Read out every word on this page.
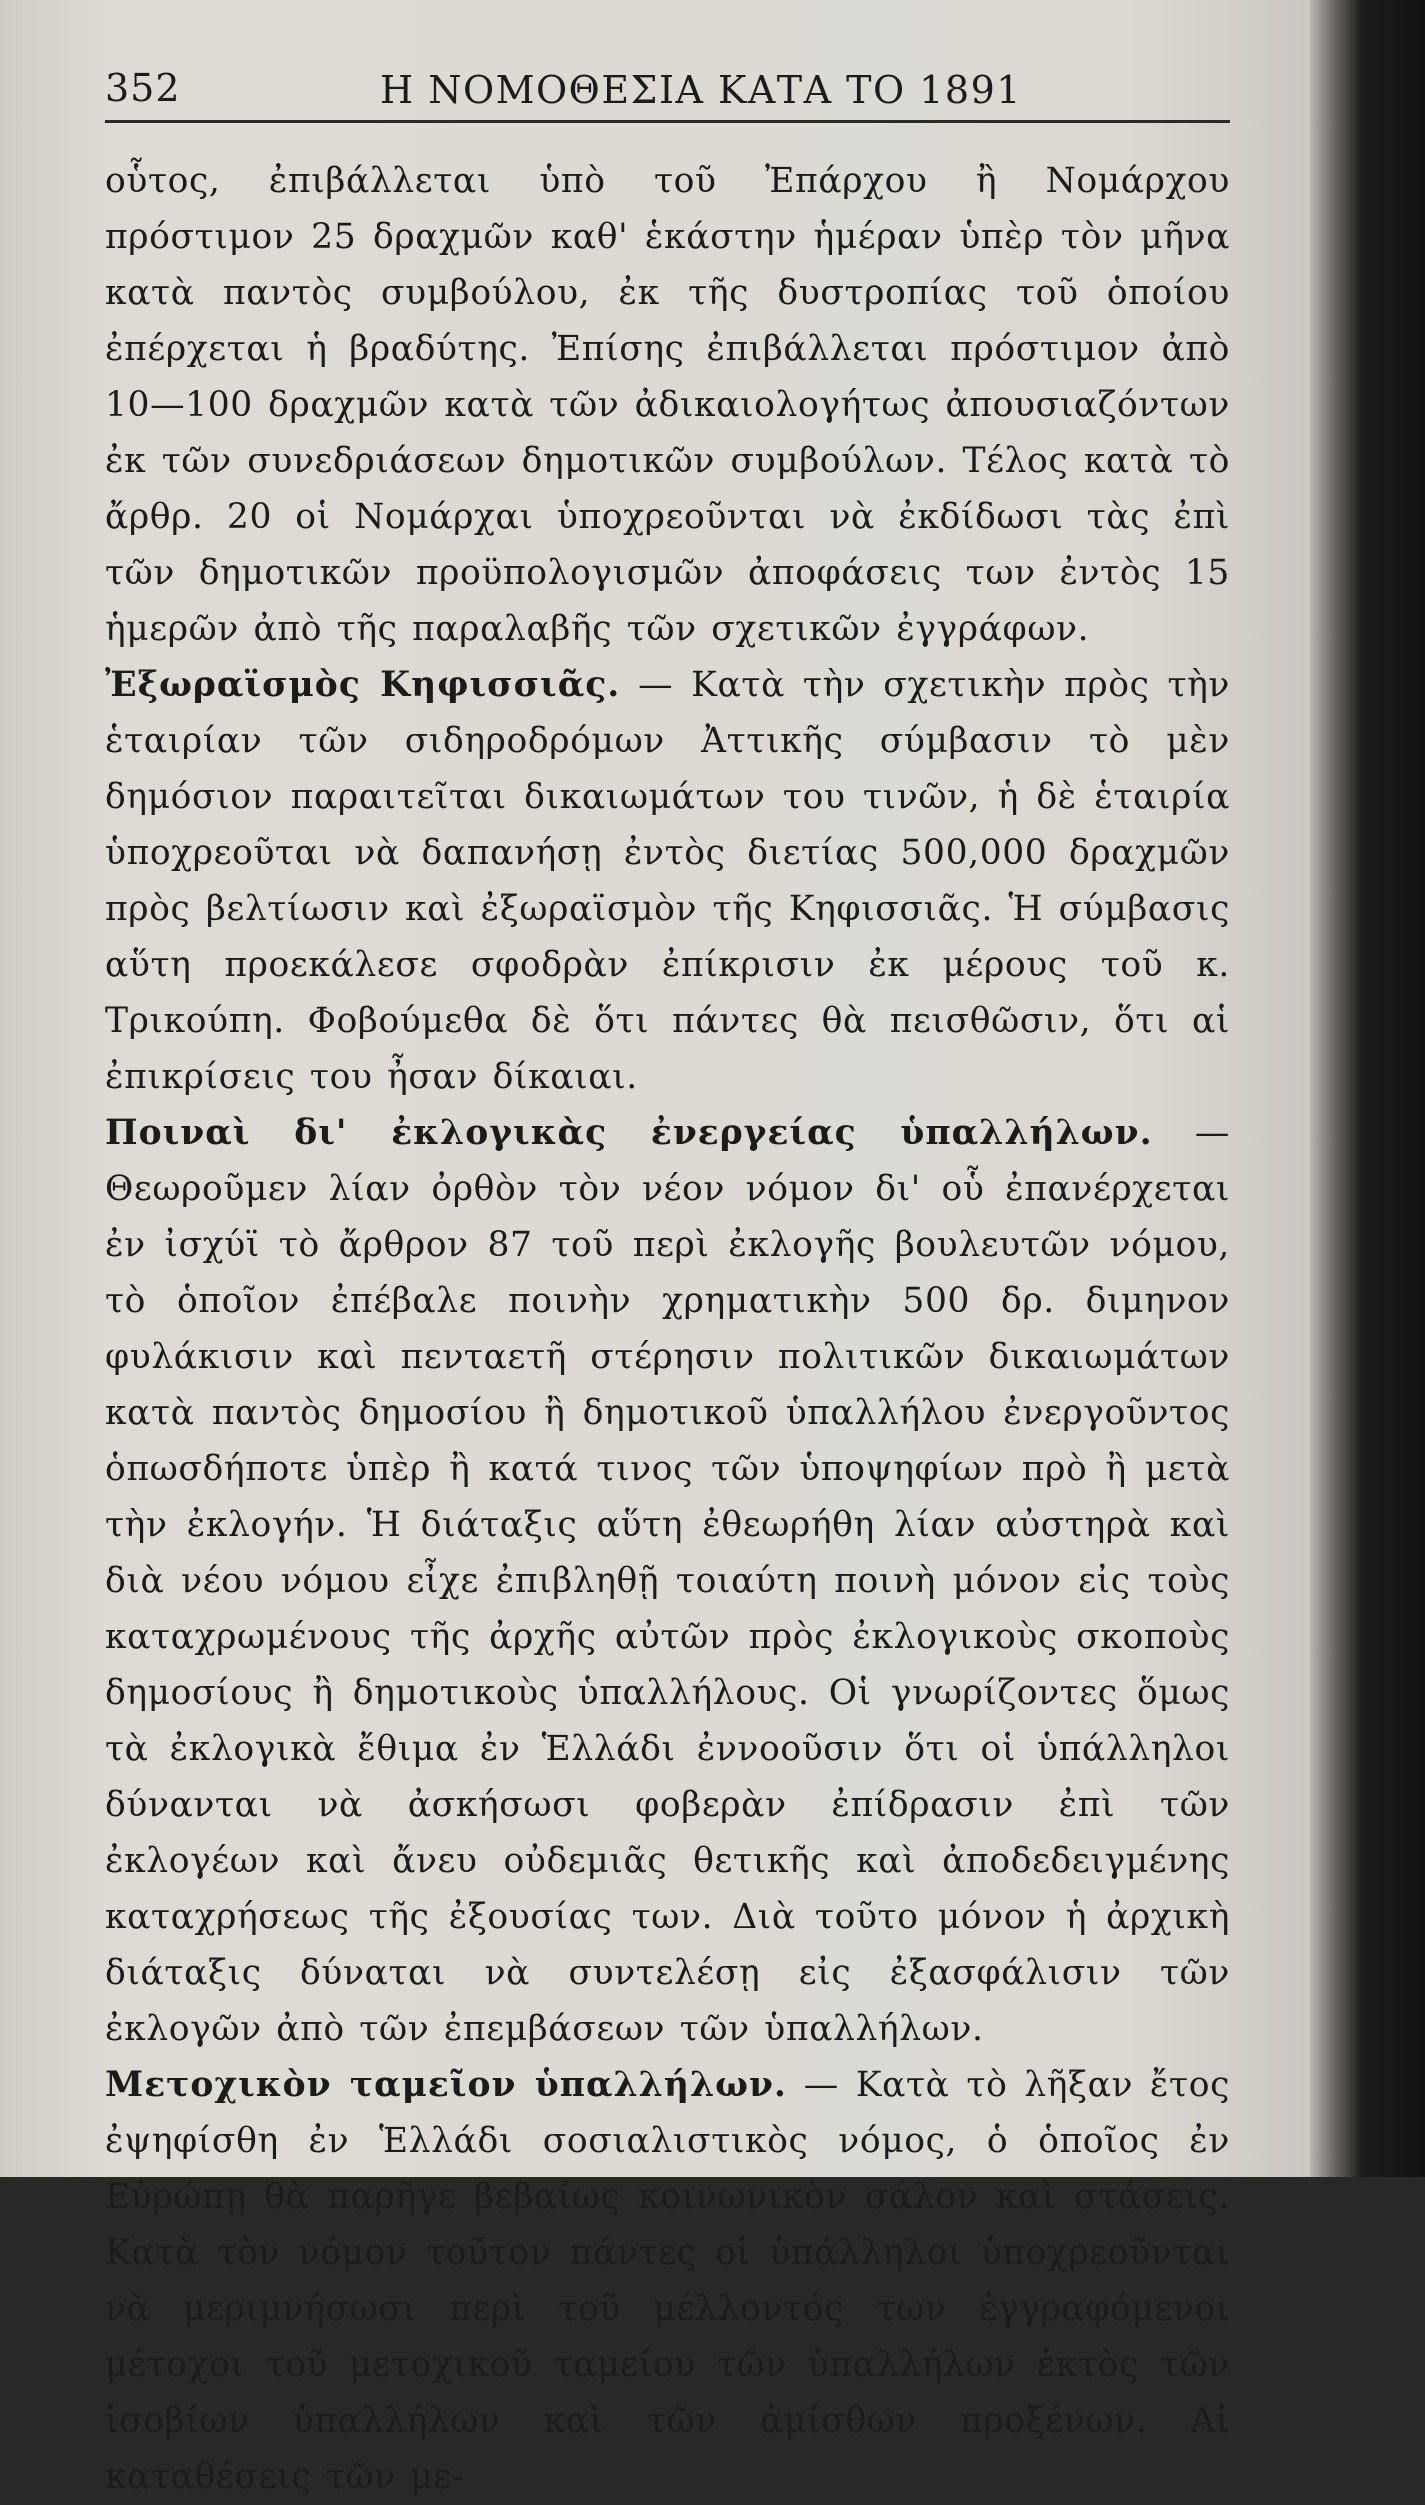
352	Η ΝΟΜΟΘΕΣΙΑ ΚΑΤΑ ΤΟ 1891

οὗτος, ἐπιβάλλεται ὑπὸ τοῦ Ἐπάρχου ἢ Νομάρχου πρόστιμον 25 δραχμῶν καθ' ἑκάστην ἡμέραν ὑπὲρ τὸν μῆνα κατὰ παντὸς συμβούλου, ἐκ τῆς δυστροπίας τοῦ ὁποίου ἐπέρχεται ἡ βραδύτης. Ἐπίσης ἐπιβάλλεται πρόστιμον ἀπὸ 10—100 δραχμῶν κατὰ τῶν ἀδικαιολογήτως ἀπουσιαζόντων ἐκ τῶν συνεδριάσεων δημοτικῶν συμβούλων. Τέλος κατὰ τὸ ἄρθρ. 20 οἱ Νομάρχαι ὑποχρεοῦνται νὰ ἐκδίδωσι τὰς ἐπὶ τῶν δημοτικῶν προϋπολογισμῶν ἀποφάσεις των ἐντὸς 15 ἡμερῶν ἀπὸ τῆς παραλαβῆς τῶν σχετικῶν ἐγγράφων.

Ἐξωραϊσμὸς Κηφισσιᾶς. — Κατὰ τὴν σχετικὴν πρὸς τὴν ἑταιρίαν τῶν σιδηροδρόμων Ἀττικῆς σύμβασιν τὸ μὲν δημόσιον παραιτεῖται δικαιωμάτων του τινῶν, ἡ δὲ ἑταιρία ὑποχρεοῦται νὰ δαπανήσῃ ἐντὸς διετίας 500,000 δραχμῶν πρὸς βελτίωσιν καὶ ἐξωραϊσμὸν τῆς Κηφισσιᾶς. Ἡ σύμβασις αὕτη προεκάλεσε σφοδρὰν ἐπίκρισιν ἐκ μέρους τοῦ κ. Τρικούπη. Φοβούμεθα δὲ ὅτι πάντες θὰ πεισθῶσιν, ὅτι αἱ ἐπικρίσεις του ἦσαν δίκαιαι.

Ποιναὶ δι' ἐκλογικὰς ἐνεργείας ὑπαλλήλων. — Θεωροῦμεν λίαν ὀρθὸν τὸν νέον νόμον δι' οὗ ἐπανέρχεται ἐν ἰσχύϊ τὸ ἄρθρον 87 τοῦ περὶ ἐκλογῆς βουλευτῶν νόμου, τὸ ὁποῖον ἐπέβαλε ποινὴν χρηματικὴν 500 δρ. διμηνον φυλάκισιν καὶ πενταετῆ στέρησιν πολιτικῶν δικαιωμάτων κατὰ παντὸς δημοσίου ἢ δημοτικοῦ ὑπαλλήλου ἐνεργοῦντος ὁπωσδήποτε ὑπὲρ ἢ κατά τινος τῶν ὑποψηφίων πρὸ ἢ μετὰ τὴν ἐκλογήν. Ἡ διάταξις αὕτη ἐθεωρήθη λίαν αὐστηρὰ καὶ διὰ νέου νόμου εἶχε ἐπιβληθῇ τοιαύτη ποινὴ μόνον εἰς τοὺς καταχρωμένους τῆς ἀρχῆς αὐτῶν πρὸς ἐκλογικοὺς σκοποὺς δημοσίους ἢ δημοτικοὺς ὑπαλλήλους. Οἱ γνωρίζοντες ὅμως τὰ ἐκλογικὰ ἔθιμα ἐν Ἑλλάδι ἐννοοῦσιν ὅτι οἱ ὑπάλληλοι δύνανται νὰ ἀσκήσωσι φοβερὰν ἐπίδρασιν ἐπὶ τῶν ἐκλογέων καὶ ἄνευ οὐδεμιᾶς θετικῆς καὶ ἀποδεδειγμένης καταχρήσεως τῆς ἐξουσίας των. Διὰ τοῦτο μόνον ἡ ἀρχικὴ διάταξις δύναται νὰ συντελέσῃ εἰς ἐξασφάλισιν τῶν ἐκλογῶν ἀπὸ τῶν ἐπεμβάσεων τῶν ὑπαλλήλων.

Μετοχικὸν ταμεῖον ὑπαλλήλων. — Κατὰ τὸ λῆξαν ἔτος ἐψηφίσθη ἐν Ἑλλάδι σοσιαλιστικὸς νόμος, ὁ ὁποῖος ἐν Εὐρώπῃ θὰ παρῆγε βεβαίως κοινωνικὸν σάλον καὶ στάσεις. Κατὰ τὸν νόμον τοῦτον πάντες οἱ ὑπάλληλοι ὑποχρεοῦνται νὰ μεριμνήσωσι περὶ τοῦ μέλλοντός των ἐγγραφόμενοι μέτοχοι τοῦ μετοχικοῦ ταμείου τῶν ὑπαλλήλων ἐκτὸς τῶν ἰσοβίων ὑπαλλήλων καὶ τῶν ἀμίσθων προξένων. Αἱ καταθέσεις τῶν με-
